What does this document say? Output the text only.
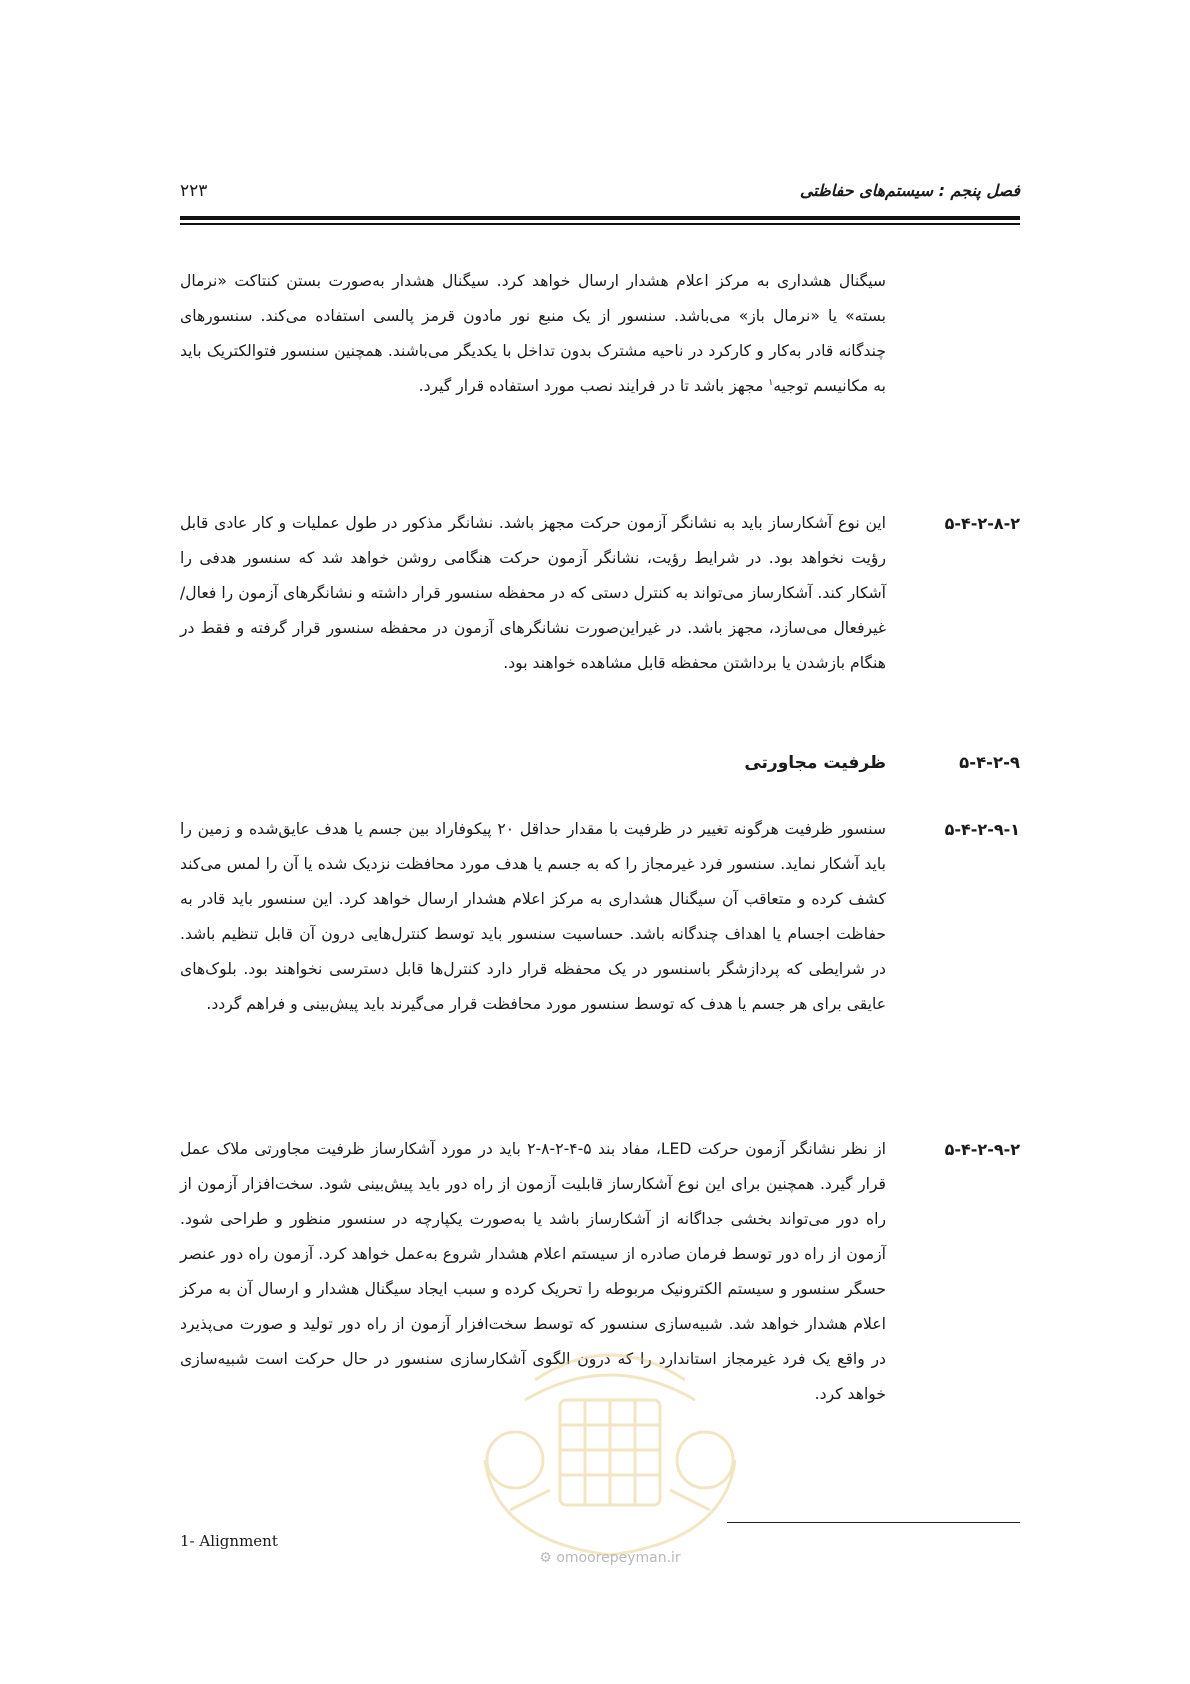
فصل پنجم : سیستم‌های حفاظتی
۲۲۳

سیگنال هشداری به مرکز اعلام هشدار ارسال خواهد کرد. سیگنال هشدار به‌صورت بستن کنتاکت «نرمال بسته» یا «نرمال باز» می‌باشد. سنسور از یک منبع نور مادون قرمز پالسی استفاده می‌کند. سنسورهای چندگانه قادر به‌کار و کارکرد در ناحیه مشترک بدون تداخل با یکدیگر می‌باشند. همچنین سنسور فتوالکتریک باید به مکانیسم توجیه$^۱$ مجهز باشد تا در فرایند نصب مورد استفاده قرار گیرد.

۵-۴-۲-۸-۲

این نوع آشکارساز باید به نشانگر آزمون حرکت مجهز باشد. نشانگر مذکور در طول عملیات و کار عادی قابل رؤیت نخواهد بود. در شرایط رؤیت، نشانگر آزمون حرکت هنگامی روشن خواهد شد که سنسور هدفی را آشکار کند. آشکارساز می‌تواند به کنترل دستی که در محفظه سنسور قرار داشته و نشانگرهای آزمون را فعال/ غیرفعال می‌سازد، مجهز باشد. در غیراین‌صورت نشانگرهای آزمون در محفظه سنسور قرار گرفته و فقط در هنگام بازشدن یا برداشتن محفظه قابل مشاهده خواهند بود.

۵-۴-۲-۹
ظرفیت مجاورتی
۵-۴-۲-۹-۱

سنسور ظرفیت هرگونه تغییر در ظرفیت با مقدار حداقل ۲۰ پیکوفاراد بین جسم یا هدف عایق‌شده و زمین را باید آشکار نماید. سنسور فرد غیرمجاز را که به جسم یا هدف مورد محافظت نزدیک شده یا آن را لمس می‌کند کشف کرده و متعاقب آن سیگنال هشداری به مرکز اعلام هشدار ارسال خواهد کرد. این سنسور باید قادر به حفاظت اجسام یا اهداف چندگانه باشد. حساسیت سنسور باید توسط کنترل‌هایی درون آن قابل تنظیم باشد. در شرایطی که پردازشگر باسنسور در یک محفظه قرار دارد کنترل‌ها قابل دسترسی نخواهند بود. بلوک‌های عایقی برای هر جسم یا هدف که توسط سنسور مورد محافظت قرار می‌گیرند باید پیش‌بینی و فراهم گردد.

۵-۴-۲-۹-۲

از نظر نشانگر آزمون حرکت LED، مفاد بند ۵-۴-۲-۸-۲ باید در مورد آشکارساز ظرفیت مجاورتی ملاک عمل قرار گیرد. همچنین برای این نوع آشکارساز قابلیت آزمون از راه دور باید پیش‌بینی شود. سخت‌افزار آزمون از راه دور می‌تواند بخشی جداگانه از آشکارساز باشد یا به‌صورت یکپارچه در سنسور منظور و طراحی شود. آزمون از راه دور توسط فرمان صادره از سیستم اعلام هشدار شروع به‌عمل خواهد کرد. آزمون راه دور عنصر حسگر سنسور و سیستم الکترونیک مربوطه را تحریک کرده و سبب ایجاد سیگنال هشدار و ارسال آن به مرکز اعلام هشدار خواهد شد. شبیه‌سازی سنسور که توسط سخت‌افزار آزمون از راه دور تولید و صورت می‌پذیرد در واقع یک فرد غیرمجاز استاندارد را که درون الگوی آشکارسازی سنسور در حال حرکت است شبیه‌سازی خواهد کرد.

⚙ omoorepeyman.ir
1- Alignment
